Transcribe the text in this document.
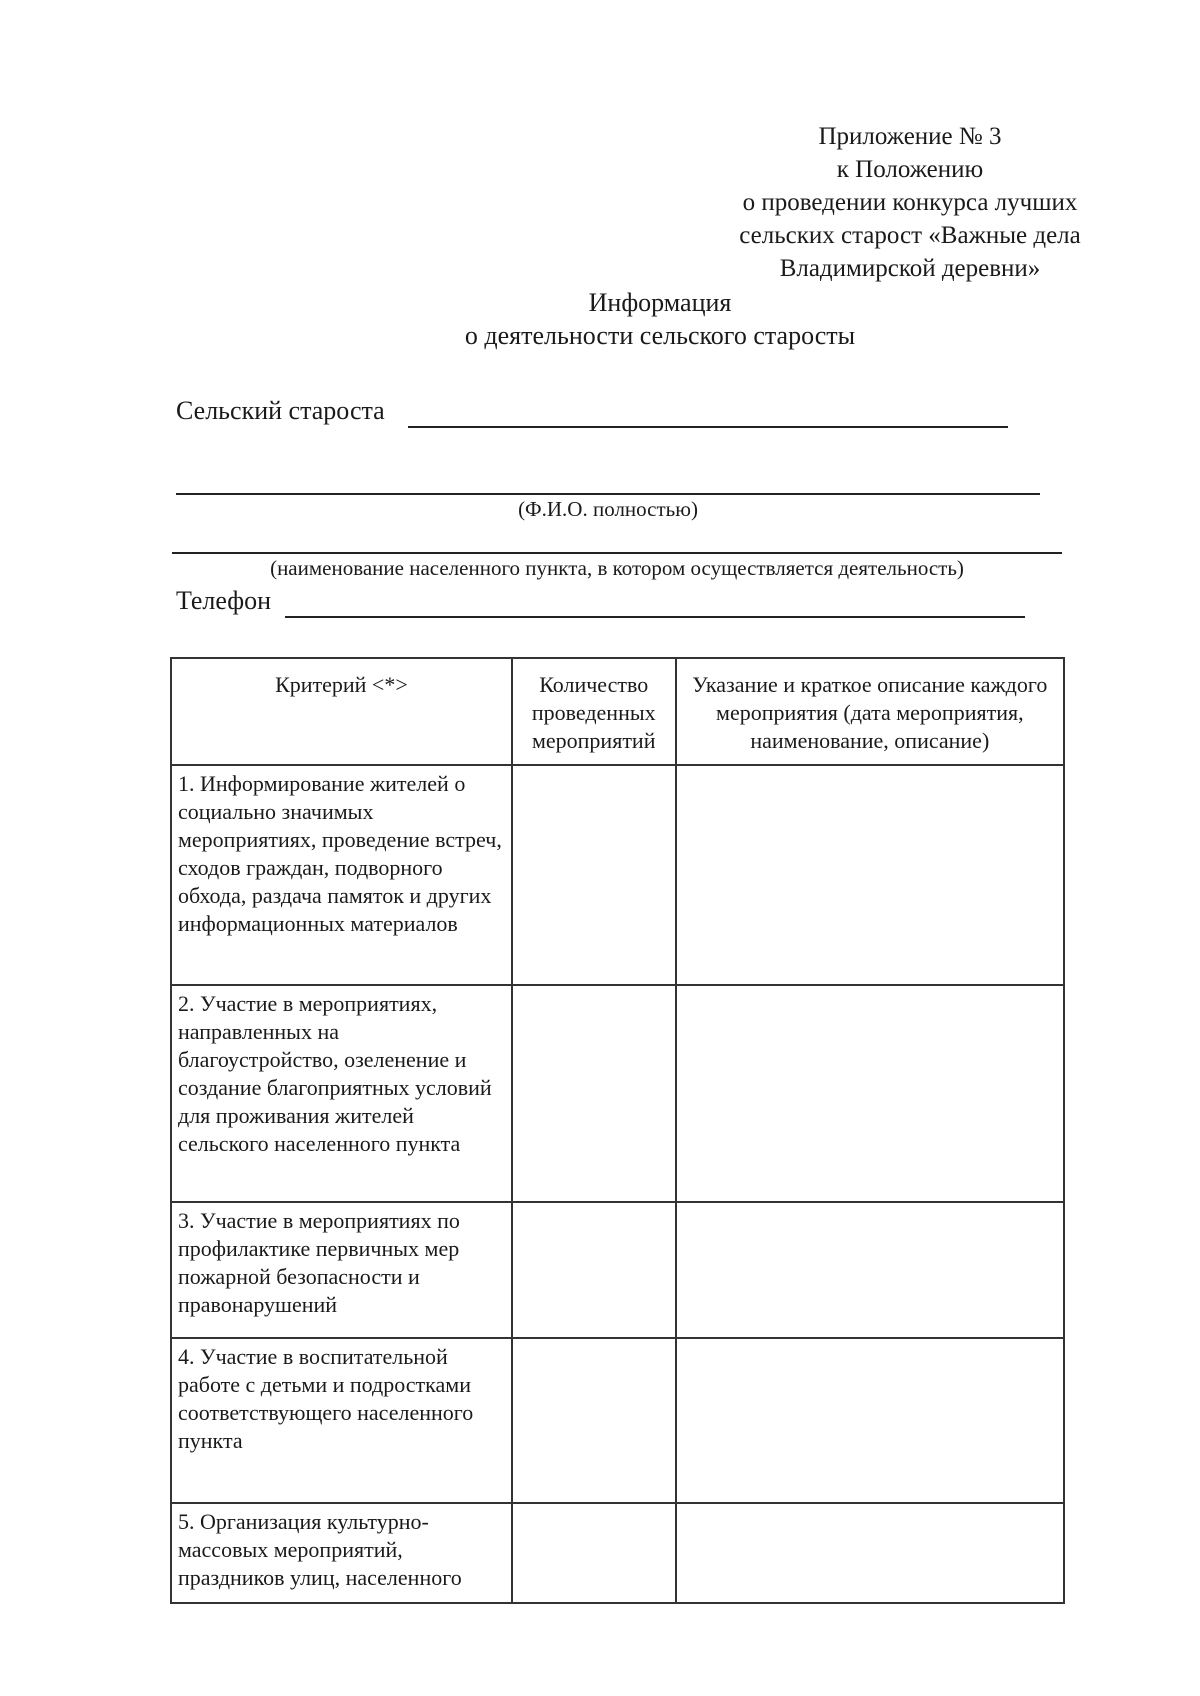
Приложение № 3
к Положению
о проведении конкурса лучших
сельских старост «Важные дела
Владимирской деревни»
Информация
о деятельности сельского старосты
Сельский староста
(Ф.И.О. полностью)
(наименование населенного пункта, в котором осуществляется деятельность)
Телефон
Критерий <*>	Количество проведенных мероприятий	Указание и краткое описание каждого мероприятия (дата мероприятия, наименование, описание)
1. Информирование жителей о социально значимых мероприятиях, проведение встреч, сходов граждан, подворного обхода, раздача памяток и других информационных материалов		
2. Участие в мероприятиях, направленных на благоустройство, озеленение и создание благоприятных условий для проживания жителей сельского населенного пункта		
3. Участие в мероприятиях по профилактике первичных мер пожарной безопасности и правонарушений		
4. Участие в воспитательной работе с детьми и подростками соответствующего населенного пункта		
5. Организация культурно-массовых мероприятий, праздников улиц, населенного		
